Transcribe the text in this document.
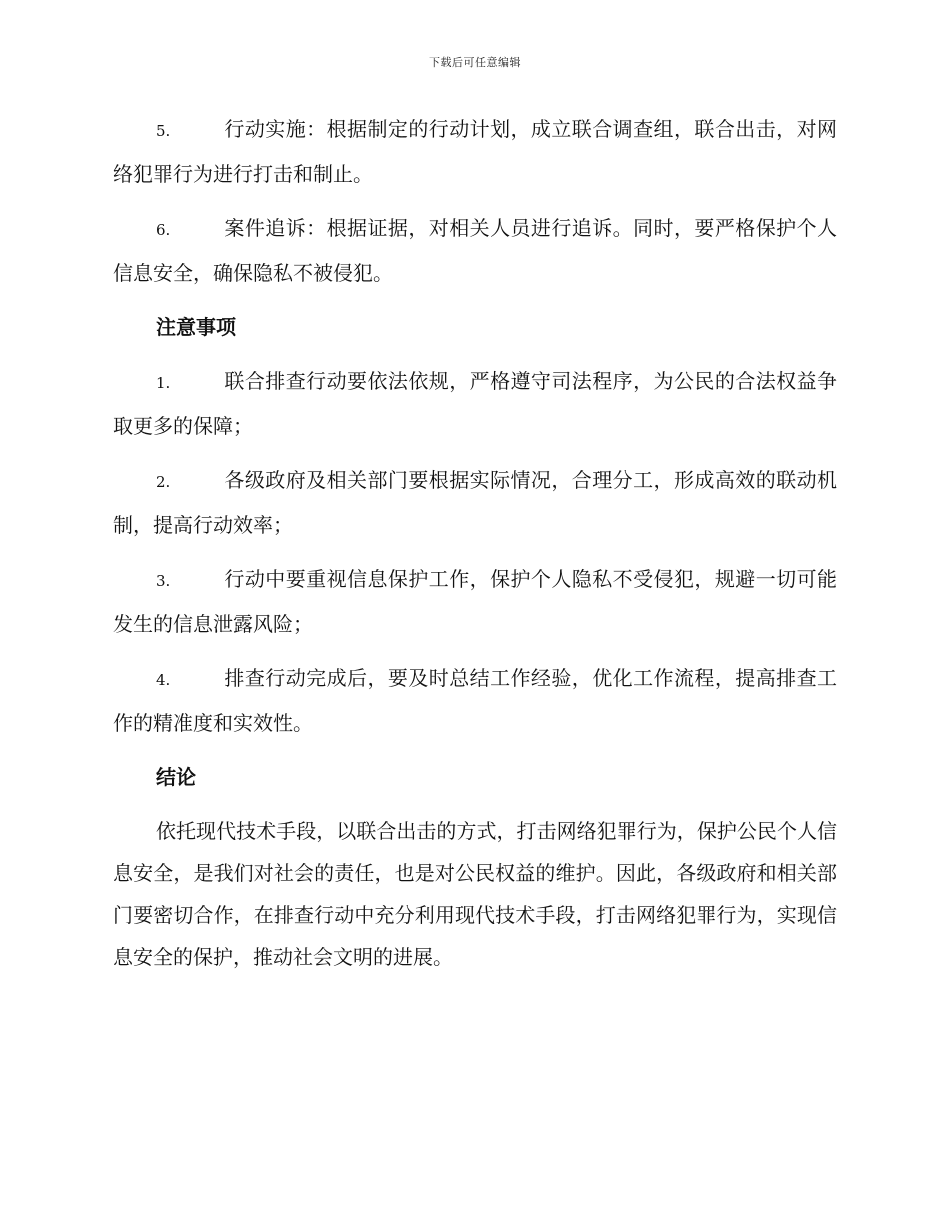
下载后可任意编辑
5.	行动实施：根据制定的行动计划，成立联合调查组，联合出击，对网络犯罪行为进行打击和制止。
6.	案件追诉：根据证据，对相关人员进行追诉。同时，要严格保护个人信息安全，确保隐私不被侵犯。
注意事项
1.	联合排查行动要依法依规，严格遵守司法程序，为公民的合法权益争取更多的保障；
2.	各级政府及相关部门要根据实际情况，合理分工，形成高效的联动机制，提高行动效率；
3.	行动中要重视信息保护工作，保护个人隐私不受侵犯，规避一切可能发生的信息泄露风险；
4.	排查行动完成后，要及时总结工作经验，优化工作流程，提高排查工作的精准度和实效性。
结论

依托现代技术手段，以联合出击的方式，打击网络犯罪行为，保护公民个人信息安全，是我们对社会的责任，也是对公民权益的维护。因此，各级政府和相关部门要密切合作，在排查行动中充分利用现代技术手段，打击网络犯罪行为，实现信息安全的保护，推动社会文明的进展。
